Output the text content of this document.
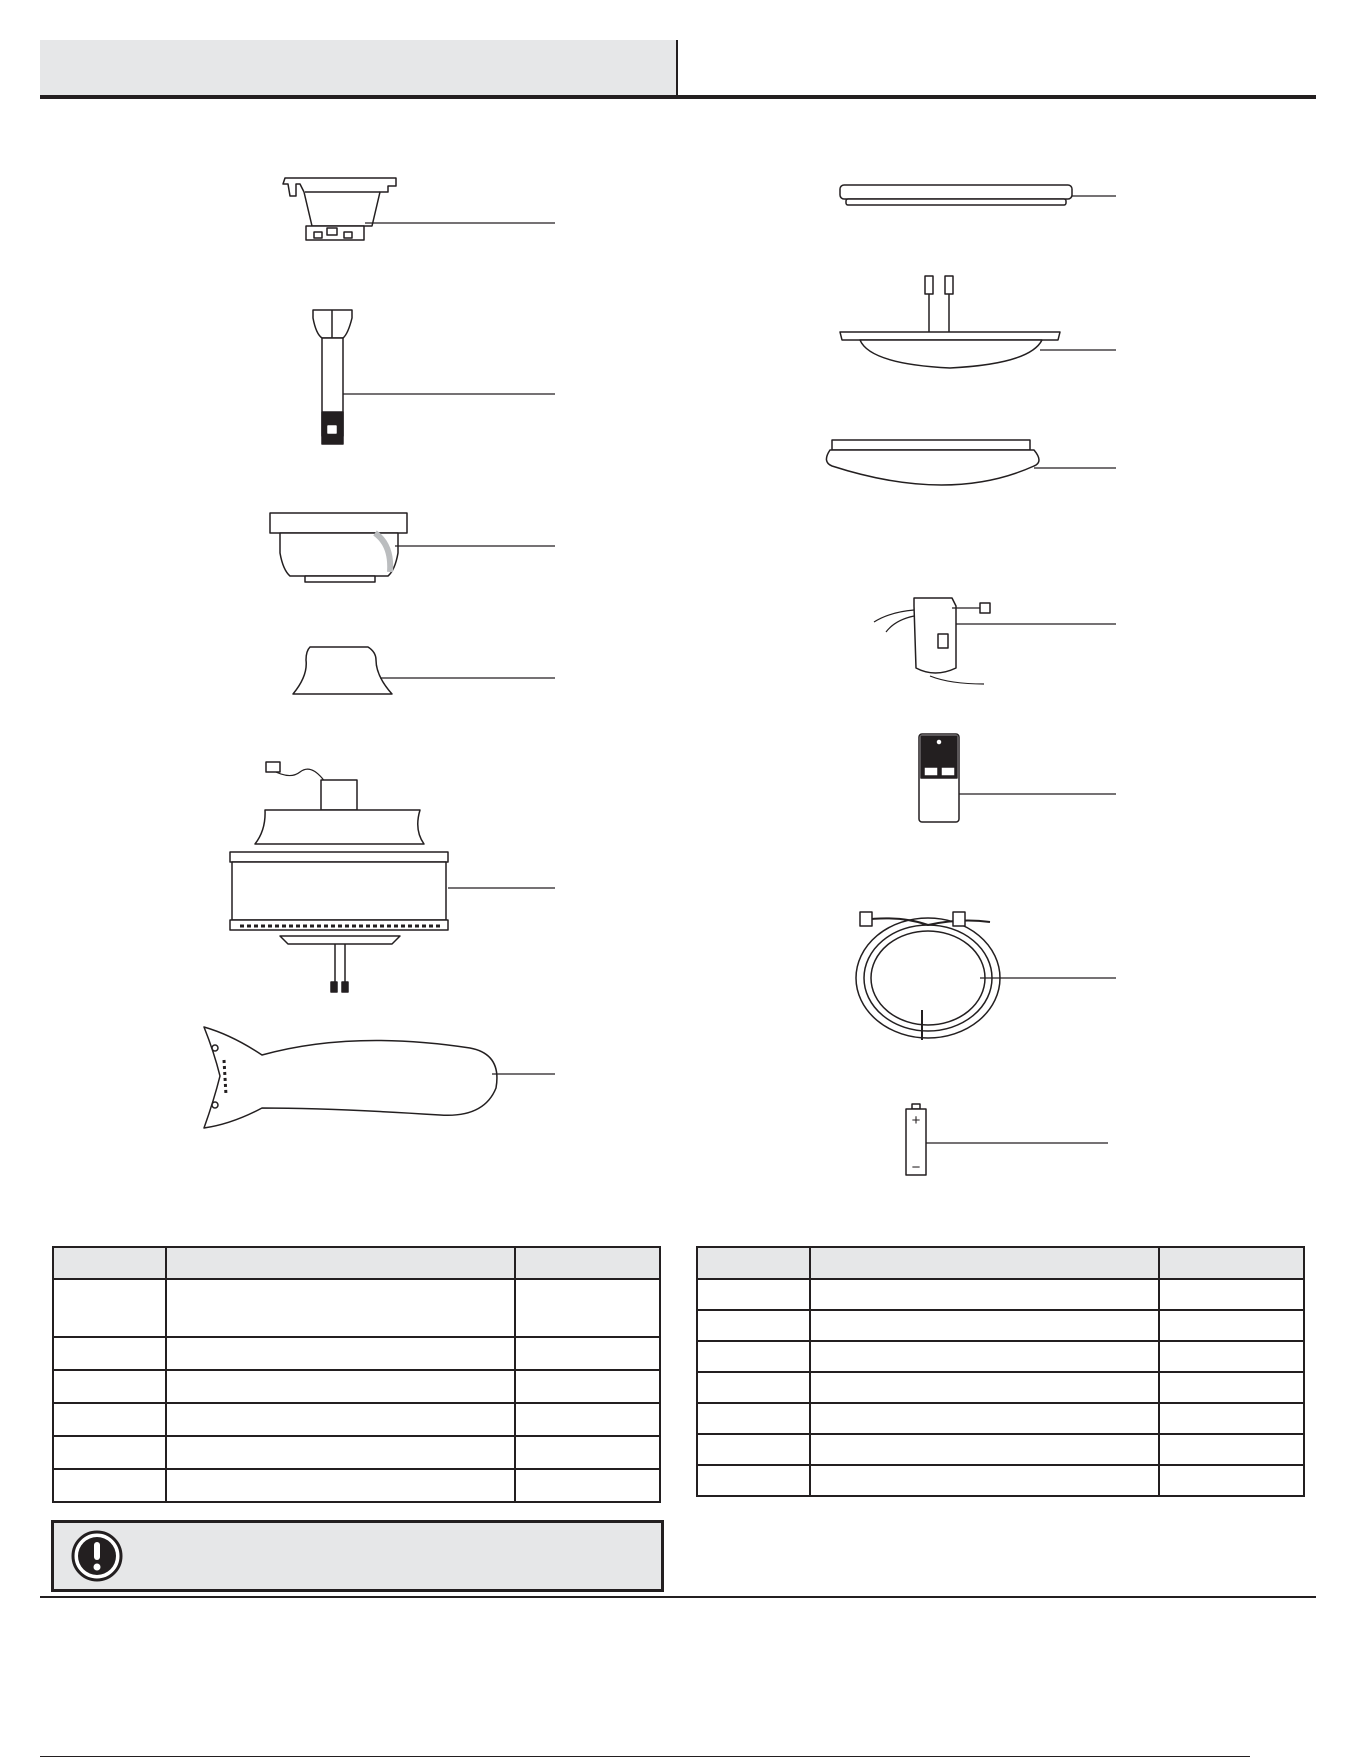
+
−
